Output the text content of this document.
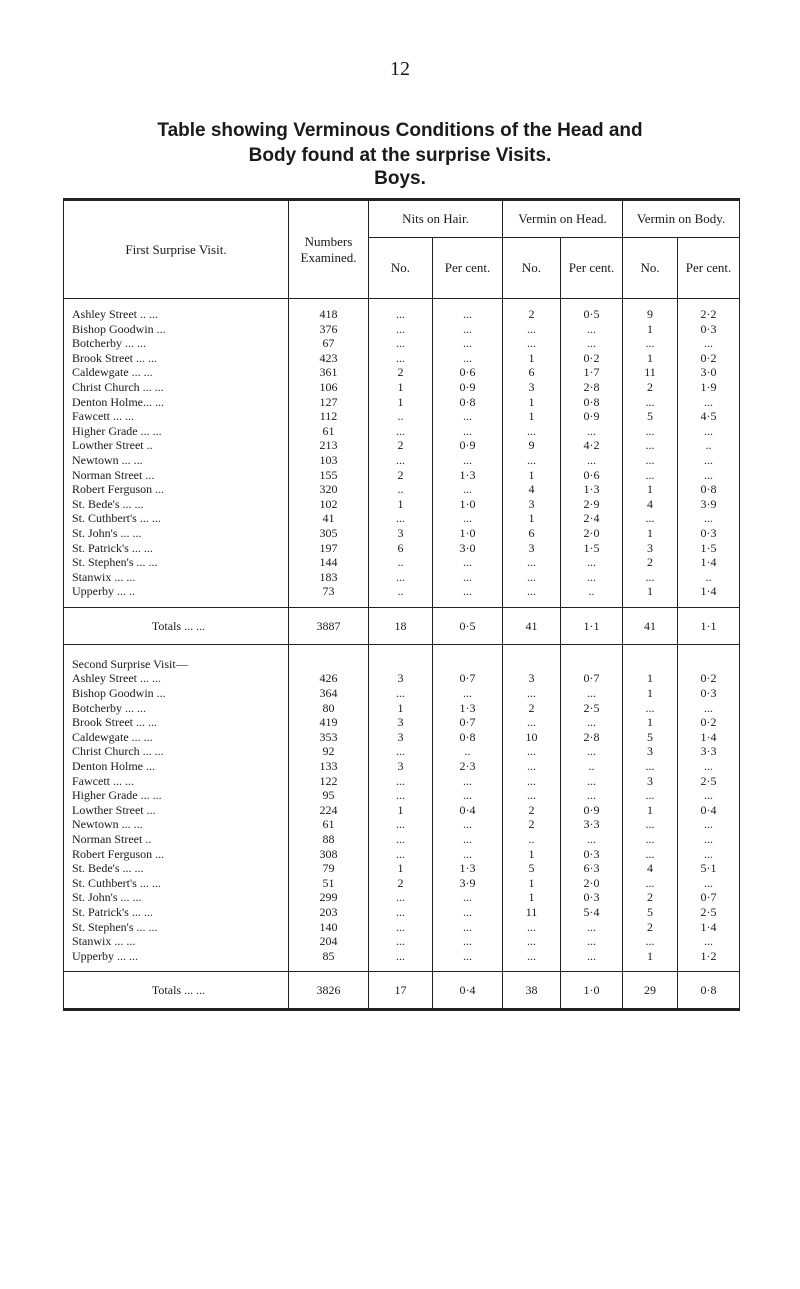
12
Table showing Verminous Conditions of the Head and
Body found at the surprise Visits.
Boys.
First Surprise Visit.	Numbers Examined.	Nits on Hair.		Vermin on Head.		Vermin on Body.	
		No.	Per cent.	No.	Per cent.	No.	Per cent.

Ashley Street .. ...	418	...	...	2	0·5	9	2·2
Bishop Goodwin ...	376	...	...	...	...	1	0·3
Botcherby ... ...	67	...	...	...	...	...	...
Brook Street ... ...	423	...	...	1	0·2	1	0·2
Caldewgate ... ...	361	2	0·6	6	1·7	11	3·0
Christ Church ... ...	106	1	0·9	3	2·8	2	1·9
Denton Holme... ...	127	1	0·8	1	0·8	...	...
Fawcett ... ...	112	..	...	1	0·9	5	4·5
Higher Grade ... ...	61	...	...	...	...	...	...
Lowther Street ..	213	2	0·9	9	4·2	...	..
Newtown ... ...	103	...	...	...	...	...	...
Norman Street ...	155	2	1·3	1	0·6	...	...
Robert Ferguson ...	320	..	...	4	1·3	1	0·8
St. Bede's ... ...	102	1	1·0	3	2·9	4	3·9
St. Cuthbert's ... ...	41	...	...	1	2·4	...	...
St. John's ... ...	305	3	1·0	6	2·0	1	0·3
St. Patrick's ... ...	197	6	3·0	3	1·5	3	1·5
St. Stephen's ... ...	144	..	...	...	...	2	1·4
Stanwix ... ...	183	...	...	...	...	...	..
Upperby ... ..	73	..	...	...	..	1	1·4

Totals ... ...	3887	18	0·5	41	1·1	41	1·1

Second Surprise Visit—							
Ashley Street ... ...	426	3	0·7	3	0·7	1	0·2
Bishop Goodwin ...	364	...	...	...	...	1	0·3
Botcherby ... ...	80	1	1·3	2	2·5	...	...
Brook Street ... ...	419	3	0·7	...	...	1	0·2
Caldewgate ... ...	353	3	0·8	10	2·8	5	1·4
Christ Church ... ...	92	...	..	...	...	3	3·3
Denton Holme ...	133	3	2·3	...	..	...	...
Fawcett ... ...	122	...	...	...	...	3	2·5
Higher Grade ... ...	95	...	...	...	...	...	...
Lowther Street ...	224	1	0·4	2	0·9	1	0·4
Newtown ... ...	61	...	...	2	3·3	...	...
Norman Street ..	88	...	...	..	...	...	...
Robert Ferguson ...	308	...	...	1	0·3	...	...
St. Bede's ... ...	79	1	1·3	5	6·3	4	5·1
St. Cuthbert's ... ...	51	2	3·9	1	2·0	...	...
St. John's ... ...	299	...	...	1	0·3	2	0·7
St. Patrick's ... ...	203	...	...	11	5·4	5	2·5
St. Stephen's ... ...	140	...	...	...	...	2	1·4
Stanwix ... ...	204	...	...	...	...	...	...
Upperby ... ...	85	...	...	...	...	1	1·2

Totals ... ...	3826	17	0·4	38	1·0	29	0·8
